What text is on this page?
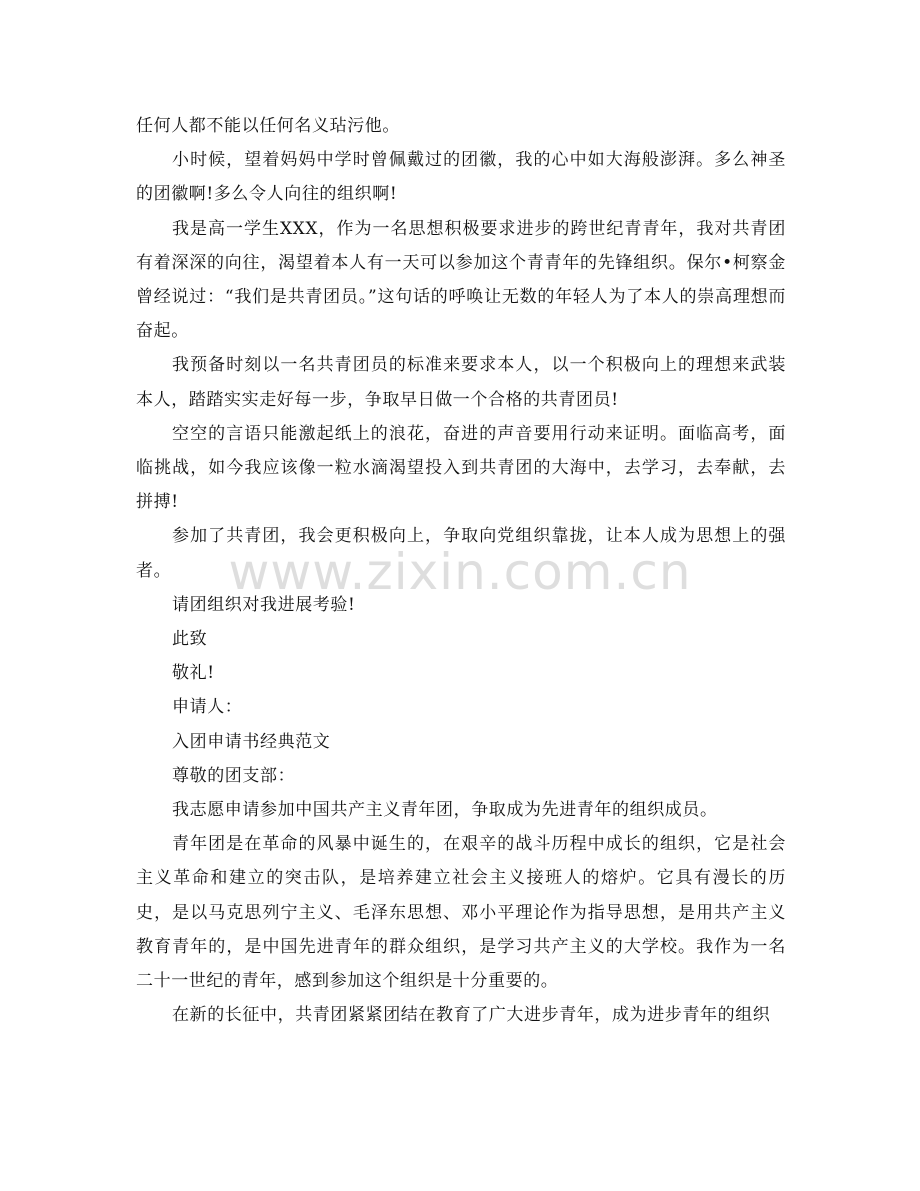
任何人都不能以任何名义玷污他。

小时候，望着妈妈中学时曾佩戴过的团徽，我的心中如大海般澎湃。多么神圣的团徽啊!多么令人向往的组织啊!

我是高一学生XXX，作为一名思想积极要求进步的跨世纪青青年，我对共青团有着深深的向往，渴望着本人有一天可以参加这个青青年的先锋组织。保尔•柯察金曾经说过：“我们是共青团员。”这句话的呼唤让无数的年轻人为了本人的崇高理想而奋起。

我预备时刻以一名共青团员的标准来要求本人，以一个积极向上的理想来武装本人，踏踏实实走好每一步，争取早日做一个合格的共青团员!

空空的言语只能激起纸上的浪花，奋进的声音要用行动来证明。面临高考，面临挑战，如今我应该像一粒水滴渴望投入到共青团的大海中，去学习，去奉献，去拼搏!

参加了共青团，我会更积极向上，争取向党组织靠拢，让本人成为思想上的强者。

请团组织对我进展考验!

此致

敬礼!

申请人：

入团申请书经典范文

尊敬的团支部：

我志愿申请参加中国共产主义青年团，争取成为先进青年的组织成员。

青年团是在革命的风暴中诞生的，在艰辛的战斗历程中成长的组织，它是社会主义革命和建立的突击队，是培养建立社会主义接班人的熔炉。它具有漫长的历史，是以马克思列宁主义、毛泽东思想、邓小平理论作为指导思想，是用共产主义教育青年的，是中国先进青年的群众组织，是学习共产主义的大学校。我作为一名二十一世纪的青年，感到参加这个组织是十分重要的。

在新的长征中，共青团紧紧团结在教育了广大进步青年，成为进步青年的组织

www.zixin.com.cn
